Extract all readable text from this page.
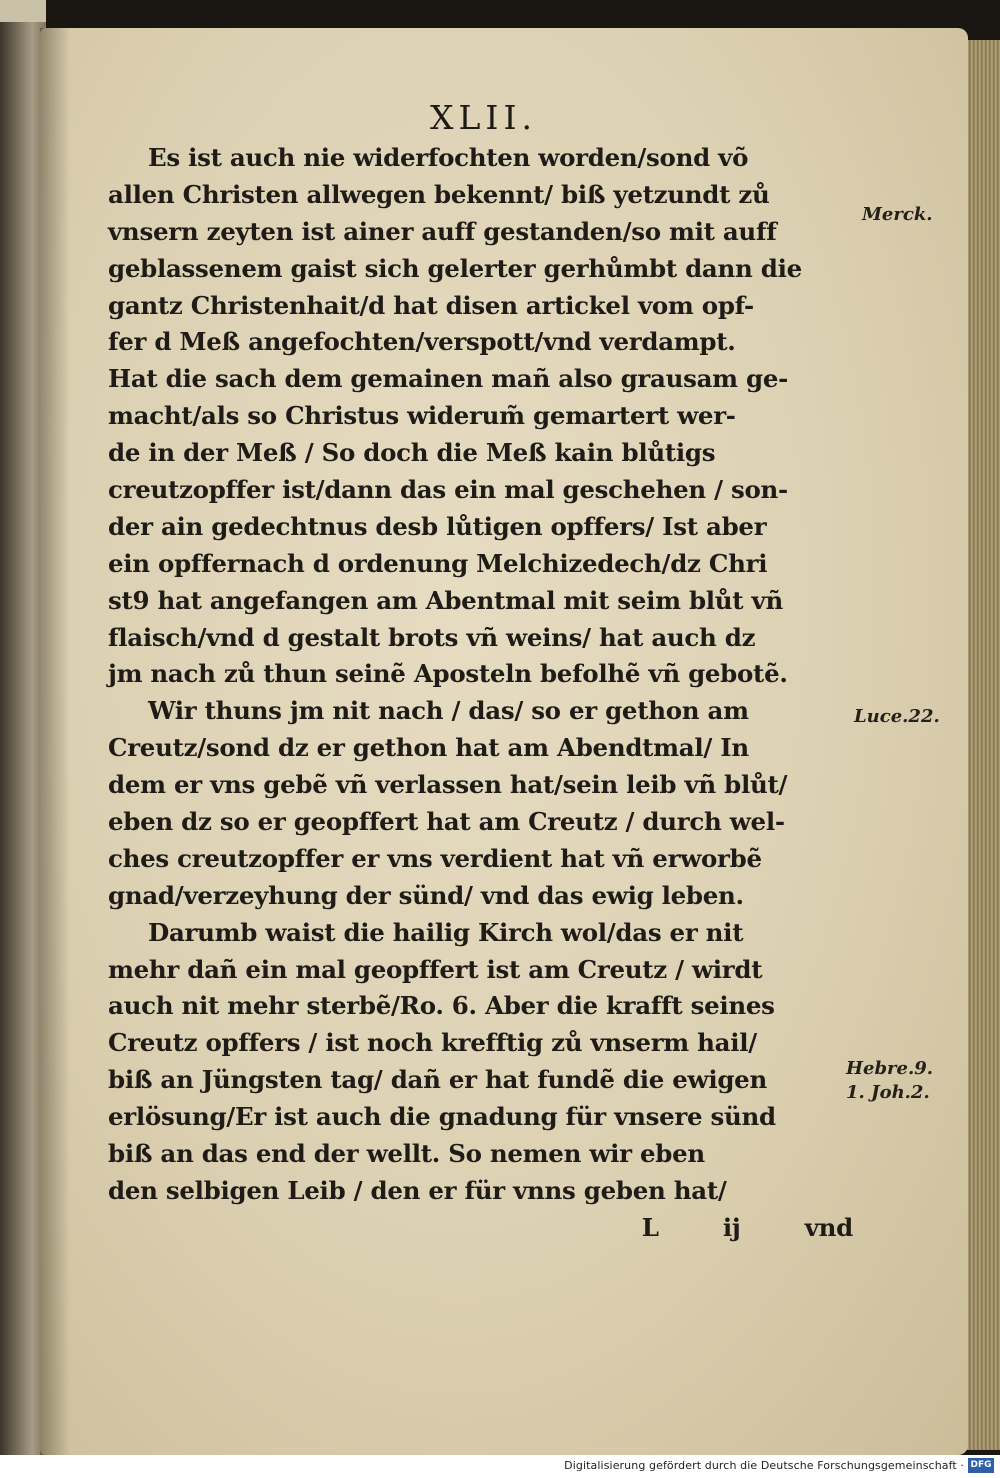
XLII.
Es ist auch nie widerfochten worden/sond võ
allen Christen allwegen bekennt/ biß yetzundt zů
vnsern zeyten ist ainer auff gestanden/so mit auff
geblassenem gaist sich gelerter gerhůmbt dann die
gantz Christenhait/d hat disen artickel vom opf-
fer d Meß angefochten/verspott/vnd verdampt.
Hat die sach dem gemainen mañ also grausam ge-
macht/als so Christus widerum̃ gemartert wer-
de in der Meß / So doch die Meß kain blůtigs
creutzopffer ist/dann das ein mal geschehen / son-
der ain gedechtnus desb lůtigen opffers/ Ist aber
ein opffernach d ordenung Melchizedech/dz Chri
st9 hat angefangen am Abentmal mit seim blůt vñ
flaisch/vnd d gestalt brots vñ weins/ hat auch dz
jm nach zů thun seinẽ Aposteln befolhẽ vñ gebotẽ.
Wir thuns jm nit nach / das/ so er gethon am
Creutz/sond dz er gethon hat am Abendtmal/ In
dem er vns gebẽ vñ verlassen hat/sein leib vñ blůt/
eben dz so er geopffert hat am Creutz / durch wel-
ches creutzopffer er vns verdient hat vñ erworbẽ
gnad/verzeyhung der sünd/ vnd das ewig leben.
Darumb waist die hailig Kirch wol/das er nit
mehr dañ ein mal geopffert ist am Creutz / wirdt
auch nit mehr sterbẽ/Ro. 6. Aber die krafft seines
Creutz opffers / ist noch krefftig zů vnserm hail/
biß an Jüngsten tag/ dañ er hat fundẽ die ewigen
erlösung/Er ist auch die gnadung für vnsere sünd
biß an das end der wellt. So nemen wir eben
den selbigen Leib / den er für vnns geben hat/
L ij vnd
Merck.
Luce.22.
Hebre.9.
1. Joh.2.
Digitalisierung gefördert durch die Deutsche Forschungsgemeinschaft · DFG
